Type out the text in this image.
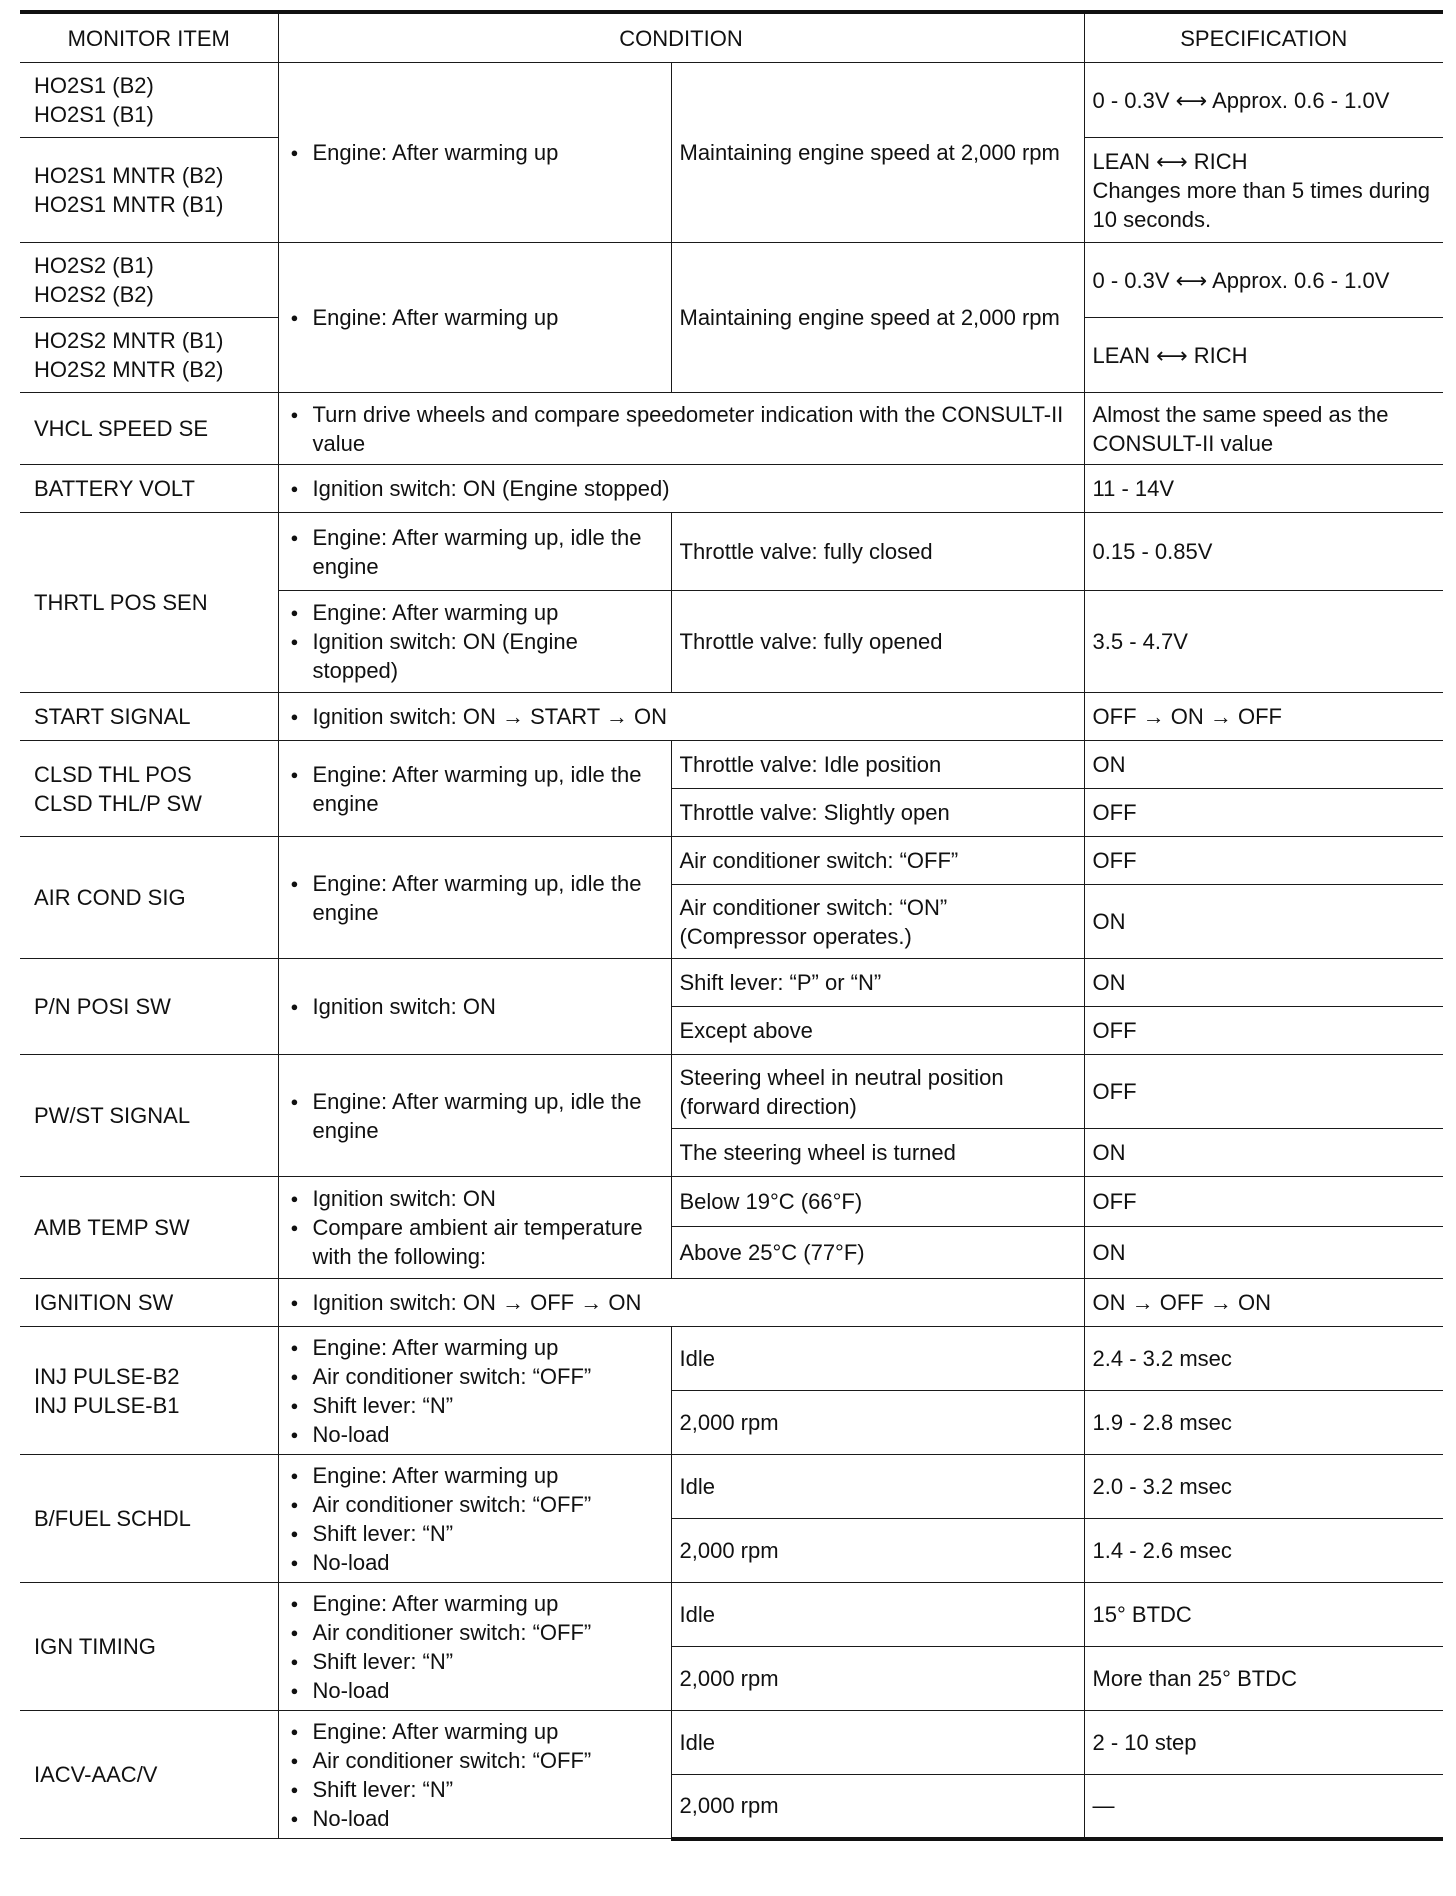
MONITOR ITEM	CONDITION		SPECIFICATION

HO2S1 (B2)
HO2S1 (B1)	● Engine: After warming up	Maintaining engine speed at 2,000 rpm	0 - 0.3V ⟷ Approx. 0.6 - 1.0V

HO2S1 MNTR (B2)
HO2S1 MNTR (B1)			LEAN ⟷ RICH
Changes more than 5 times during 10 seconds.

HO2S2 (B1)
HO2S2 (B2)	● Engine: After warming up	Maintaining engine speed at 2,000 rpm	0 - 0.3V ⟷ Approx. 0.6 - 1.0V

HO2S2 MNTR (B1)
HO2S2 MNTR (B2)			LEAN ⟷ RICH
VHCL SPEED SE	● Turn drive wheels and compare speedometer indication with the CONSULT-II value		Almost the same speed as the CONSULT-II value
BATTERY VOLT	● Ignition switch: ON (Engine stopped)		11 - 14V
THRTL POS SEN	● Engine: After warming up, idle the engine	Throttle valve: fully closed	0.15 - 0.85V

	● Engine: After warming up
● Ignition switch: ON (Engine stopped)	Throttle valve: fully opened	3.5 - 4.7V
START SIGNAL	● Ignition switch: ON → START → ON		OFF → ON → OFF

CLSD THL POS
CLSD THL/P SW	● Engine: After warming up, idle the engine	Throttle valve: Idle position	ON
		Throttle valve: Slightly open	OFF
AIR COND SIG	● Engine: After warming up, idle the engine	Air conditioner switch: “OFF”	OFF

		Air conditioner switch: “ON”
(Compressor operates.)	ON
P/N POSI SW	● Ignition switch: ON	Shift lever: “P” or “N”	ON
		Except above	OFF
PW/ST SIGNAL	● Engine: After warming up, idle the engine	Steering wheel in neutral position
(forward direction)	OFF
		The steering wheel is turned	ON
AMB TEMP SW	● Ignition switch: ON
● Compare ambient air temperature with the following:	Below 19°C (66°F)	OFF
		Above 25°C (77°F)	ON
IGNITION SW	● Ignition switch: ON → OFF → ON		ON → OFF → ON

INJ PULSE-B2
INJ PULSE-B1	● Engine: After warming up
● Air conditioner switch: “OFF”
● Shift lever: “N”
● No-load	Idle	2.4 - 3.2 msec
		2,000 rpm	1.9 - 2.8 msec
B/FUEL SCHDL	● Engine: After warming up
● Air conditioner switch: “OFF”
● Shift lever: “N”
● No-load	Idle	2.0 - 3.2 msec
		2,000 rpm	1.4 - 2.6 msec
IGN TIMING	● Engine: After warming up
● Air conditioner switch: “OFF”
● Shift lever: “N”
● No-load	Idle	15° BTDC
		2,000 rpm	More than 25° BTDC
IACV-AAC/V	● Engine: After warming up
● Air conditioner switch: “OFF”
● Shift lever: “N”
● No-load	Idle	2 - 10 step
		2,000 rpm	—
